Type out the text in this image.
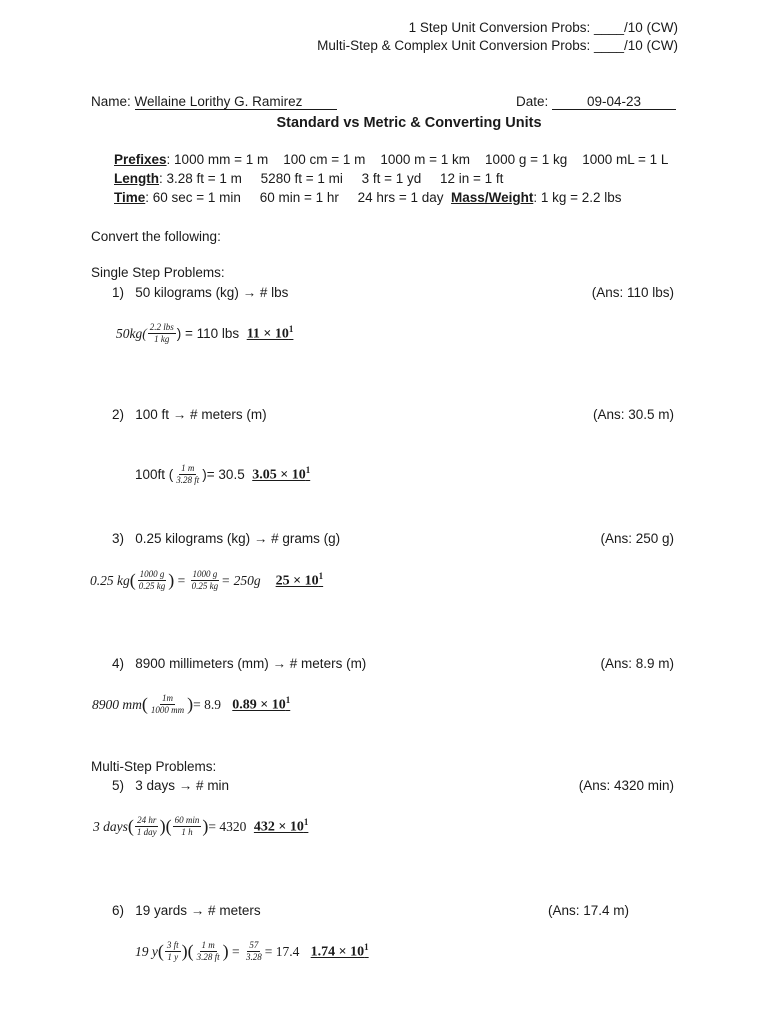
1 Step Unit Conversion Probs: ____/10 (CW)
Multi-Step & Complex Unit Conversion Probs: ____/10 (CW)
Name: Wellaine Lorithy G. Ramirez	Date:	09-04-23
Standard vs Metric & Converting Units
Prefixes: 1000 mm = 1 m    100 cm = 1 m    1000 m = 1 km    1000 g = 1 kg    1000 mL = 1 L
Length: 3.28 ft = 1 m     5280 ft = 1 mi     3 ft = 1 yd     12 in = 1 ft
Time: 60 sec = 1 min     60 min = 1 hr     24 hrs = 1 day  Mass/Weight: 1 kg = 2.2 lbs
Convert the following:
Single Step Problems:
1) 50 kilograms (kg) → # lbs	(Ans: 110 lbs)
$50kg( \frac{\text{2.2 lbs}}{1 kg}$ ) = 110 lbs
$11 \times 10^1$
2) 100 ft → # meters (m)	(Ans: 30.5 m)
100ft ( $\frac{1 m}{3.28 ft}$ )= 30.5
$3.05 \times 10^1$
3) 0.25 kilograms (kg) → # grams (g)	(Ans: 250 g)
0.25 kg ( $\frac{1000 g}{0.25 kg}$ ) = $\frac{1000 g}{0.25 kg} = 250g$
$25 \times 10^1$
4) 8900 millimeters (mm) → # meters (m)	(Ans: 8.9 m)
8900 mm ( $\frac{1m}{1000 mm}$ ) = 8.9
$0.89 \times 10^1$
Multi-Step Problems:
5) 3 days → # min	(Ans: 4320 min)
3 days ( $\frac{24 hr}{\text{1 day}}$ ) ( $\frac{60 \min}{1 h}$ ) = 4320
$432 \times 10^1$
6) 19 yards → # meters	(Ans: 17.4 m)
19 y ( $\frac{3 ft}{1 y}$ ) ( $\frac{1 m}{3.28 ft}$ ) = $\frac{57}{3.28} = 17.4$
$1.74 \times 10^1$
